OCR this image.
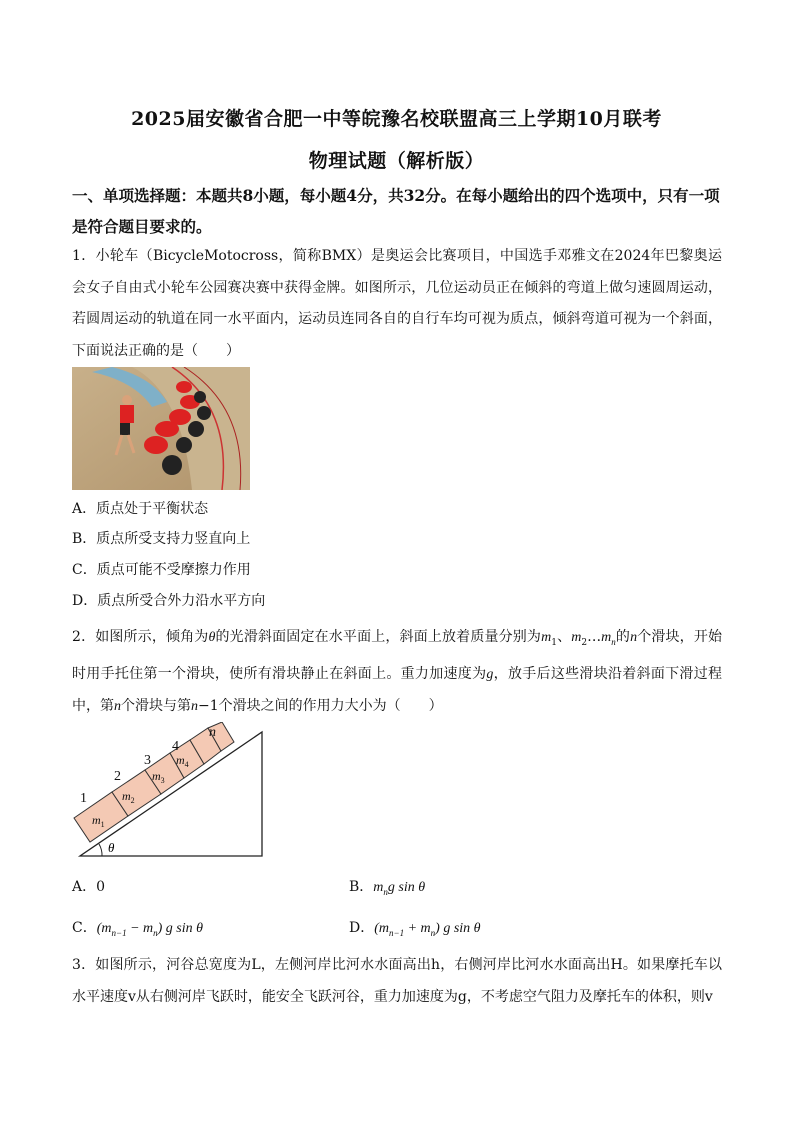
2025届安徽省合肥一中等皖豫名校联盟高三上学期10月联考
物理试题（解析版）
一、单项选择题：本题共8小题，每小题4分，共32分。在每小题给出的四个选项中，只有一项是符合题目要求的。
1．小轮车（BicycleMotocross，简称BMX）是奥运会比赛项目，中国选手邓雅文在2024年巴黎奥运会女子自由式小轮车公园赛决赛中获得金牌。如图所示，几位运动员正在倾斜的弯道上做匀速圆周运动，若圆周运动的轨道在同一水平面内，运动员连同各自的自行车均可视为质点，倾斜弯道可视为一个斜面，下面说法正确的是（　　）
A．质点处于平衡状态
B．质点所受支持力竖直向上
C．质点可能不受摩擦力作用
D．质点所受合外力沿水平方向
2．如图所示，倾角为θ的光滑斜面固定在水平面上，斜面上放着质量分别为$m_1$、$m_2\dots m_n$的n个滑块，开始时用手托住第一个滑块，使所有滑块静止在斜面上。重力加速度为g，放手后这些滑块沿着斜面下滑过程中，第n个滑块与第n−1个滑块之间的作用力大小为（　　）
1
2
3
4
n
$m_1$
$m_2$
$m_3$
$m_4$
θ
A．0	B．$m_ng$ sin θ
C．$(m_{n-1} - m_n)$ g sin θ	D．$(m_{n-1} + m_n)$ g sin θ
3．如图所示，河谷总宽度为L，左侧河岸比河水水面高出h，右侧河岸比河水水面高出H。如果摩托车以水平速度v从右侧河岸飞跃时，能安全飞跃河谷，重力加速度为g，不考虑空气阻力及摩托车的体积，则v
